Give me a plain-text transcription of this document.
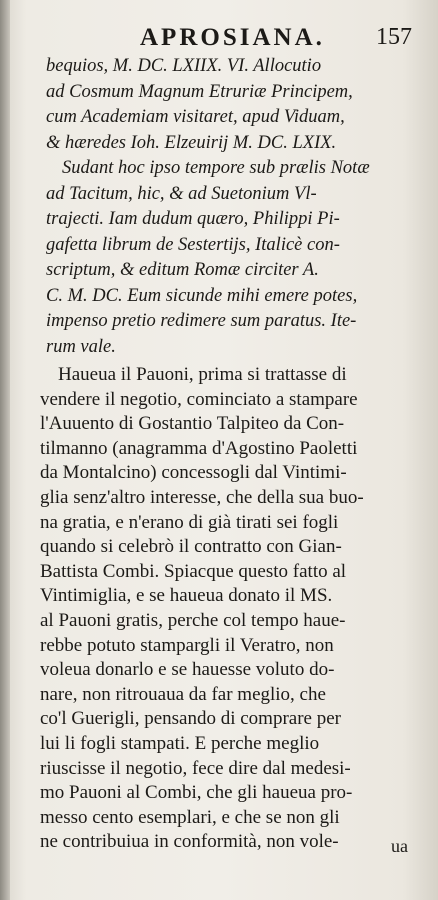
APROSIANA. 157
bequios, M. DC. LXIIX. VI. Allocutio
ad Cosmum Magnum Etruriæ Principem,
cum Academiam visitaret, apud Viduam,
& hæredes Ioh. Elzeuirij M. DC. LXIX.
Sudant hoc ipso tempore sub prælis Notæ
ad Tacitum, hic, & ad Suetonium Vl-
trajecti. Iam dudum quæro, Philippi Pi-
gafetta librum de Sestertijs, Italicè con-
scriptum, & editum Romæ circiter A.
C. M. DC. Eum sicunde mihi emere potes,
impenso pretio redimere sum paratus. Ite-
rum vale.
Haueua il Pauoni, prima si trattasse di
vendere il negotio, cominciato a stampare
l'Auuento di Gostantio Talpiteo da Con-
tilmanno (anagramma d'Agostino Paoletti
da Montalcino) concessogli dal Vintimi-
glia senz'altro interesse, che della sua buo-
na gratia, e n'erano di già tirati sei fogli
quando si celebrò il contratto con Gian-
Battista Combi. Spiacque questo fatto al
Vintimiglia, e se haueua donato il MS.
al Pauoni gratis, perche col tempo haue-
rebbe potuto stampargli il Veratro, non
voleua donarlo e se hauesse voluto do-
nare, non ritrouaua da far meglio, che
co'l Guerigli, pensando di comprare per
lui li fogli stampati. E perche meglio
riuscisse il negotio, fece dire dal medesi-
mo Pauoni al Combi, che gli haueua pro-
messo cento esemplari, e che se non gli
ne contribuiua in conformità, non vole-	ua
